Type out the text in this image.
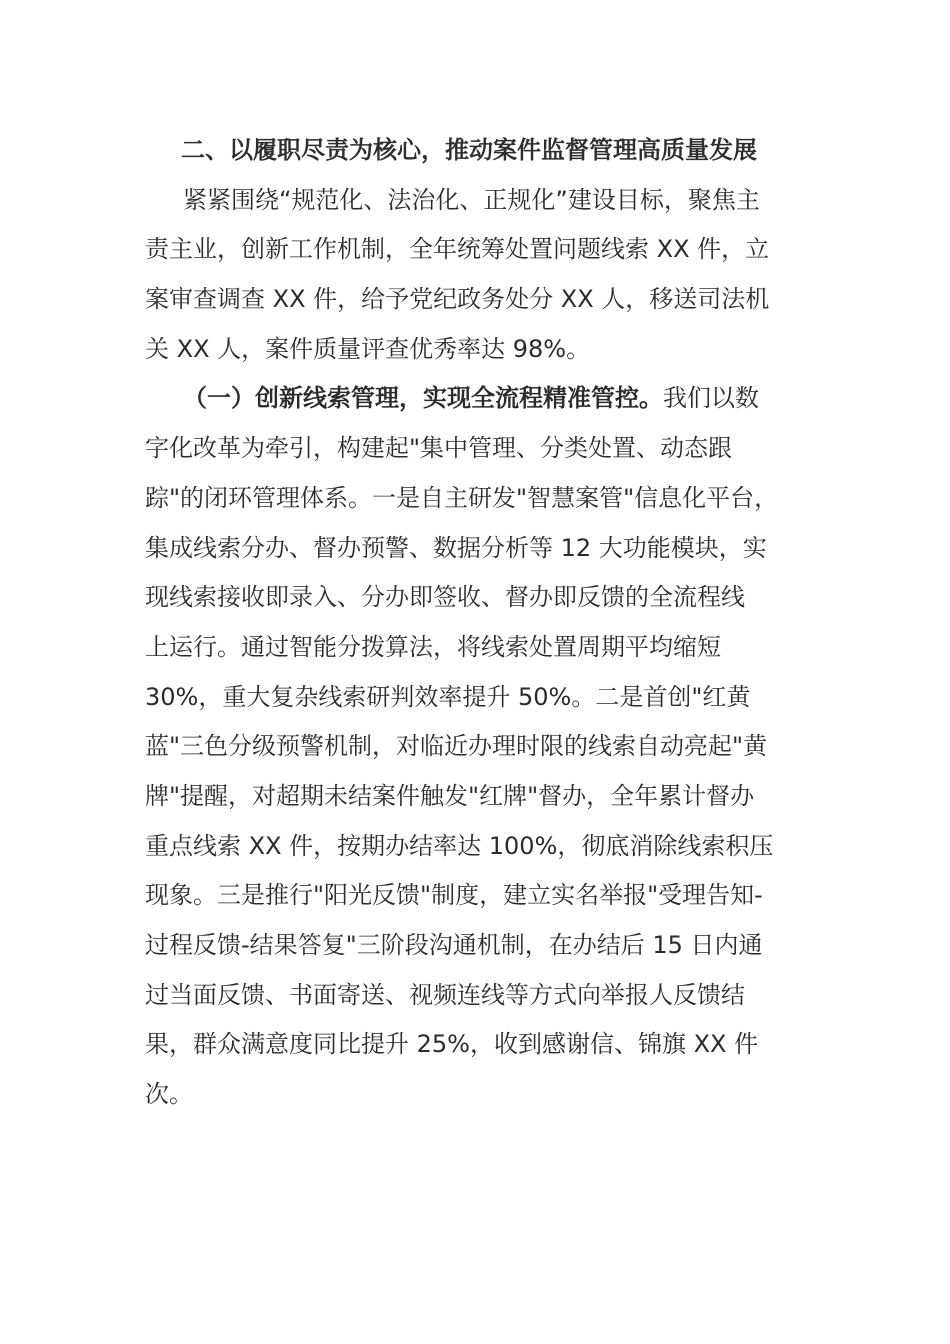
二、以履职尽责为核心，推动案件监督管理高质量发展
紧紧围绕“规范化、法治化、正规化”建设目标，聚焦主
责主业，创新工作机制，全年统筹处置问题线索 XX 件，立
案审查调查 XX 件，给予党纪政务处分 XX 人，移送司法机
关 XX 人，案件质量评查优秀率达 98%。
（一）创新线索管理，实现全流程精准管控。我们以数
字化改革为牵引，构建起"集中管理、分类处置、动态跟
踪"的闭环管理体系。一是自主研发"智慧案管"信息化平台，
集成线索分办、督办预警、数据分析等 12 大功能模块，实
现线索接收即录入、分办即签收、督办即反馈的全流程线
上运行。通过智能分拨算法，将线索处置周期平均缩短
30%，重大复杂线索研判效率提升 50%。二是首创"红黄
蓝"三色分级预警机制，对临近办理时限的线索自动亮起"黄
牌"提醒，对超期未结案件触发"红牌"督办，全年累计督办
重点线索 XX 件，按期办结率达 100%，彻底消除线索积压
现象。三是推行"阳光反馈"制度，建立实名举报"受理告知-
过程反馈-结果答复"三阶段沟通机制，在办结后 15 日内通
过当面反馈、书面寄送、视频连线等方式向举报人反馈结
果，群众满意度同比提升 25%，收到感谢信、锦旗 XX 件
次。
